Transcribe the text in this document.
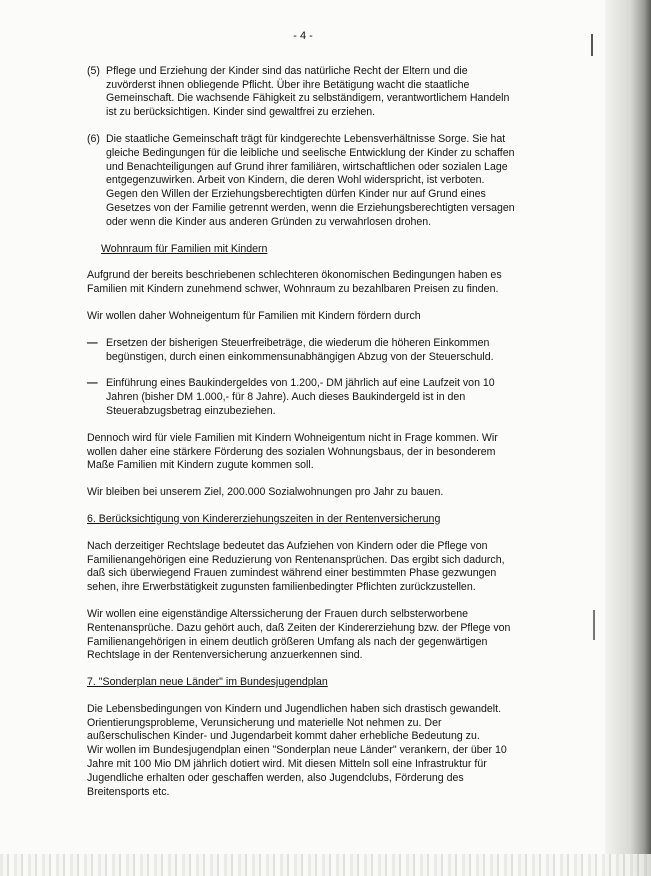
- 4 -
(5) Pflege und Erziehung der Kinder sind das natürliche Recht der Eltern und die zuvörderst ihnen obliegende Pflicht. Über ihre Betätigung wacht die staatliche Gemeinschaft. Die wachsende Fähigkeit zu selbständigem, verantwortlichem Handeln ist zu berücksichtigen. Kinder sind gewaltfrei zu erziehen.
(6) Die staatliche Gemeinschaft trägt für kindgerechte Lebensverhältnisse Sorge. Sie hat gleiche Bedingungen für die leibliche und seelische Entwicklung der Kinder zu schaffen und Benachteiligungen auf Grund ihrer familiären, wirtschaftlichen oder sozialen Lage entgegenzuwirken. Arbeit von Kindern, die deren Wohl widerspricht, ist verboten. Gegen den Willen der Erziehungsberechtigten dürfen Kinder nur auf Grund eines Gesetzes von der Familie getrennt werden, wenn die Erziehungsberechtigten versagen oder wenn die Kinder aus anderen Gründen zu verwahrlosen drohen.
Wohnraum für Familien mit Kindern

Aufgrund der bereits beschriebenen schlechteren ökonomischen Bedingungen haben es Familien mit Kindern zunehmend schwer, Wohnraum zu bezahlbaren Preisen zu finden.

Wir wollen daher Wohneigentum für Familien mit Kindern fördern durch

— Ersetzen der bisherigen Steuerfreibeträge, die wiederum die höheren Einkommen begünstigen, durch einen einkommensunabhängigen Abzug von der Steuerschuld.
— Einführung eines Baukindergeldes von 1.200,- DM jährlich auf eine Laufzeit von 10 Jahren (bisher DM 1.000,- für 8 Jahre). Auch dieses Baukindergeld ist in den Steuerabzugsbetrag einzubeziehen.

Dennoch wird für viele Familien mit Kindern Wohneigentum nicht in Frage kommen. Wir wollen daher eine stärkere Förderung des sozialen Wohnungsbaus, der in besonderem Maße Familien mit Kindern zugute kommen soll.

Wir bleiben bei unserem Ziel, 200.000 Sozialwohnungen pro Jahr zu bauen.

6. Berücksichtigung von Kindererziehungszeiten in der Rentenversicherung

Nach derzeitiger Rechtslage bedeutet das Aufziehen von Kindern oder die Pflege von Familienangehörigen eine Reduzierung von Rentenansprüchen. Das ergibt sich dadurch, daß sich überwiegend Frauen zumindest während einer bestimmten Phase gezwungen sehen, ihre Erwerbstätigkeit zugunsten familienbedingter Pflichten zurückzustellen.

Wir wollen eine eigenständige Alterssicherung der Frauen durch selbsterworbene Rentenansprüche. Dazu gehört auch, daß Zeiten der Kindererziehung bzw. der Pflege von Familienangehörigen in einem deutlich größeren Umfang als nach der gegenwärtigen Rechtslage in der Rentenversicherung anzuerkennen sind.

7. "Sonderplan neue Länder" im Bundesjugendplan

Die Lebensbedingungen von Kindern und Jugendlichen haben sich drastisch gewandelt. Orientierungsprobleme, Verunsicherung und materielle Not nehmen zu. Der außerschulischen Kinder- und Jugendarbeit kommt daher erhebliche Bedeutung zu.

Wir wollen im Bundesjugendplan einen "Sonderplan neue Länder" verankern, der über 10 Jahre mit 100 Mio DM jährlich dotiert wird. Mit diesen Mitteln soll eine Infrastruktur für Jugendliche erhalten oder geschaffen werden, also Jugendclubs, Förderung des Breitensports etc.
